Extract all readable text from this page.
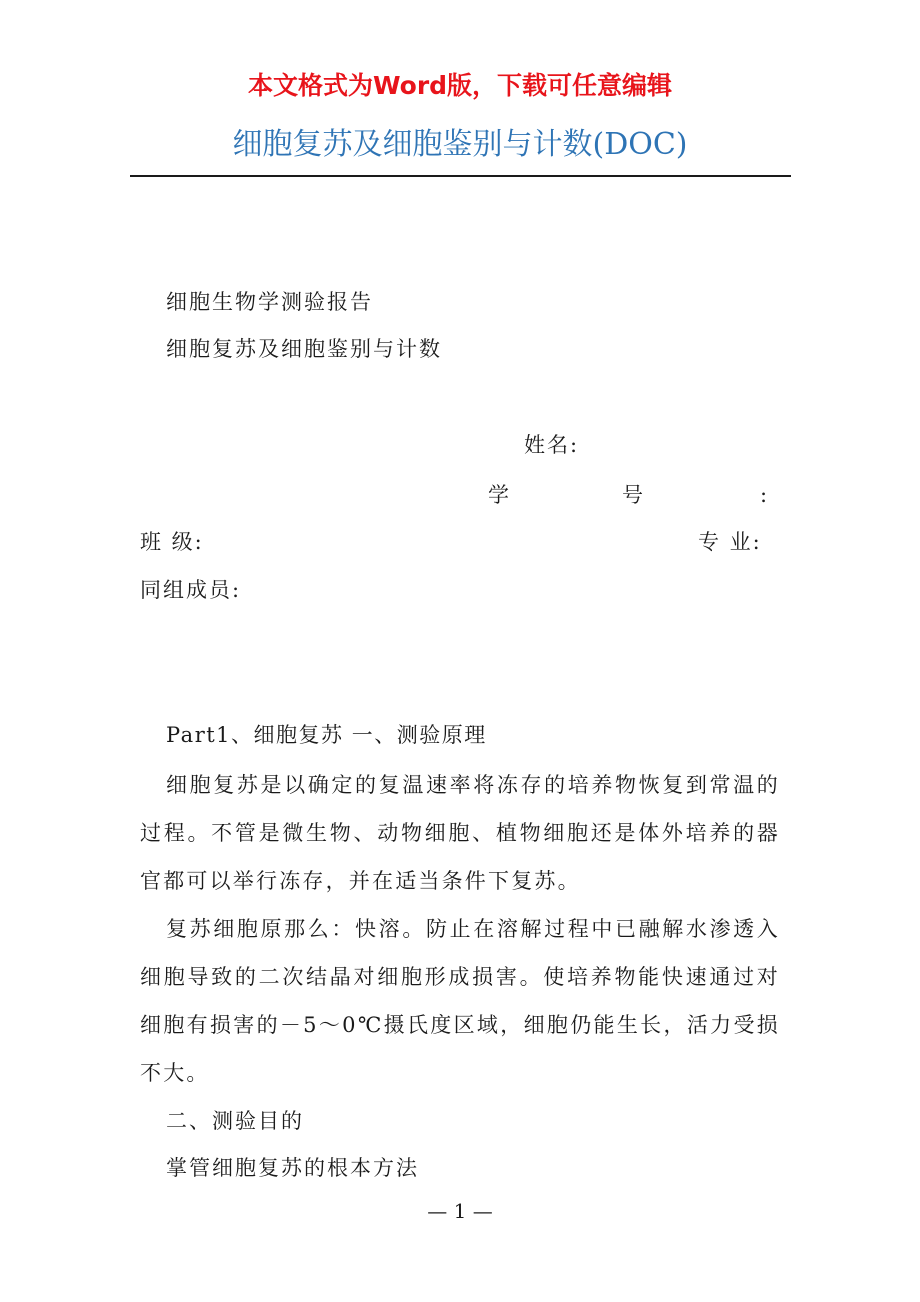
本文格式为Word版，下载可任意编辑
细胞复苏及细胞鉴别与计数(DOC)
细胞生物学测验报告
细胞复苏及细胞鉴别与计数
姓名:
学	号	:
班 级:	专 业:
同组成员:
Part1、细胞复苏 一、测验原理
细胞复苏是以确定的复温速率将冻存的培养物恢复到常温的过程。不管是微生物、动物细胞、植物细胞还是体外培养的器官都可以举行冻存，并在适当条件下复苏。
复苏细胞原那么：快溶。防止在溶解过程中已融解水渗透入细胞导致的二次结晶对细胞形成损害。使培养物能快速通过对细胞有损害的－5～0℃摄氏度区域，细胞仍能生长，活力受损不大。
二、测验目的
掌管细胞复苏的根本方法
— 1 —
